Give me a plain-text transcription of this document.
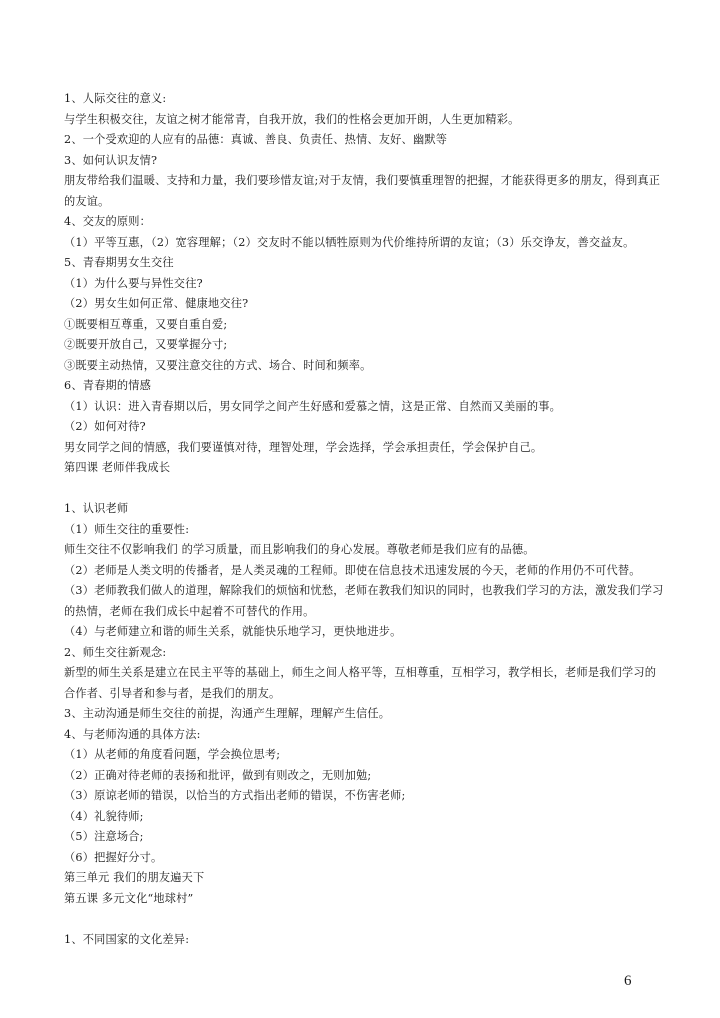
1、人际交往的意义:
与学生积极交往，友谊之树才能常青，自我开放，我们的性格会更加开朗，人生更加精彩。
2、一个受欢迎的人应有的品德：真诚、善良、负责任、热情、友好、幽默等
3、如何认识友情?
朋友带给我们温暖、支持和力量，我们要珍惜友谊;对于友情，我们要慎重理智的把握，才能获得更多的朋友，得到真正的友谊。
4、交友的原则：
（1）平等互惠，（2）宽容理解；（2）交友时不能以牺牲原则为代价维持所谓的友谊；（3）乐交诤友，善交益友。
5、青春期男女生交往
（1）为什么要与异性交往?
（2）男女生如何正常、健康地交往?
①既要相互尊重，又要自重自爱;
②既要开放自己，又要掌握分寸;
③既要主动热情，又要注意交往的方式、场合、时间和频率。
6、青春期的情感
（1）认识：进入青春期以后，男女同学之间产生好感和爱慕之情，这是正常、自然而又美丽的事。
（2）如何对待?
男女同学之间的情感，我们要谨慎对待，理智处理，学会选择，学会承担责任，学会保护自己。
第四课 老师伴我成长
1、认识老师
（1）师生交往的重要性:
师生交往不仅影响我们 的学习质量，而且影响我们的身心发展。尊敬老师是我们应有的品德。
（2）老师是人类文明的传播者，是人类灵魂的工程师。即使在信息技术迅速发展的今天，老师的作用仍不可代替。
（3）老师教我们做人的道理，解除我们的烦恼和忧愁，老师在教我们知识的同时，也教我们学习的方法，激发我们学习的热情，老师在我们成长中起着不可替代的作用。
（4）与老师建立和谐的师生关系，就能快乐地学习，更快地进步。
2、师生交往新观念:
新型的师生关系是建立在民主平等的基础上，师生之间人格平等，互相尊重，互相学习，教学相长，老师是我们学习的合作者、引导者和参与者，是我们的朋友。
3、主动沟通是师生交往的前提，沟通产生理解，理解产生信任。
4、与老师沟通的具体方法:
（1）从老师的角度看问题，学会换位思考;
（2）正确对待老师的表扬和批评，做到有则改之，无则加勉;
（3）原谅老师的错误，以恰当的方式指出老师的错误，不伤害老师;
（4）礼貌待师;
（5）注意场合;
（6）把握好分寸。
第三单元 我们的朋友遍天下
第五课 多元文化“地球村”
1、不同国家的文化差异:
6
